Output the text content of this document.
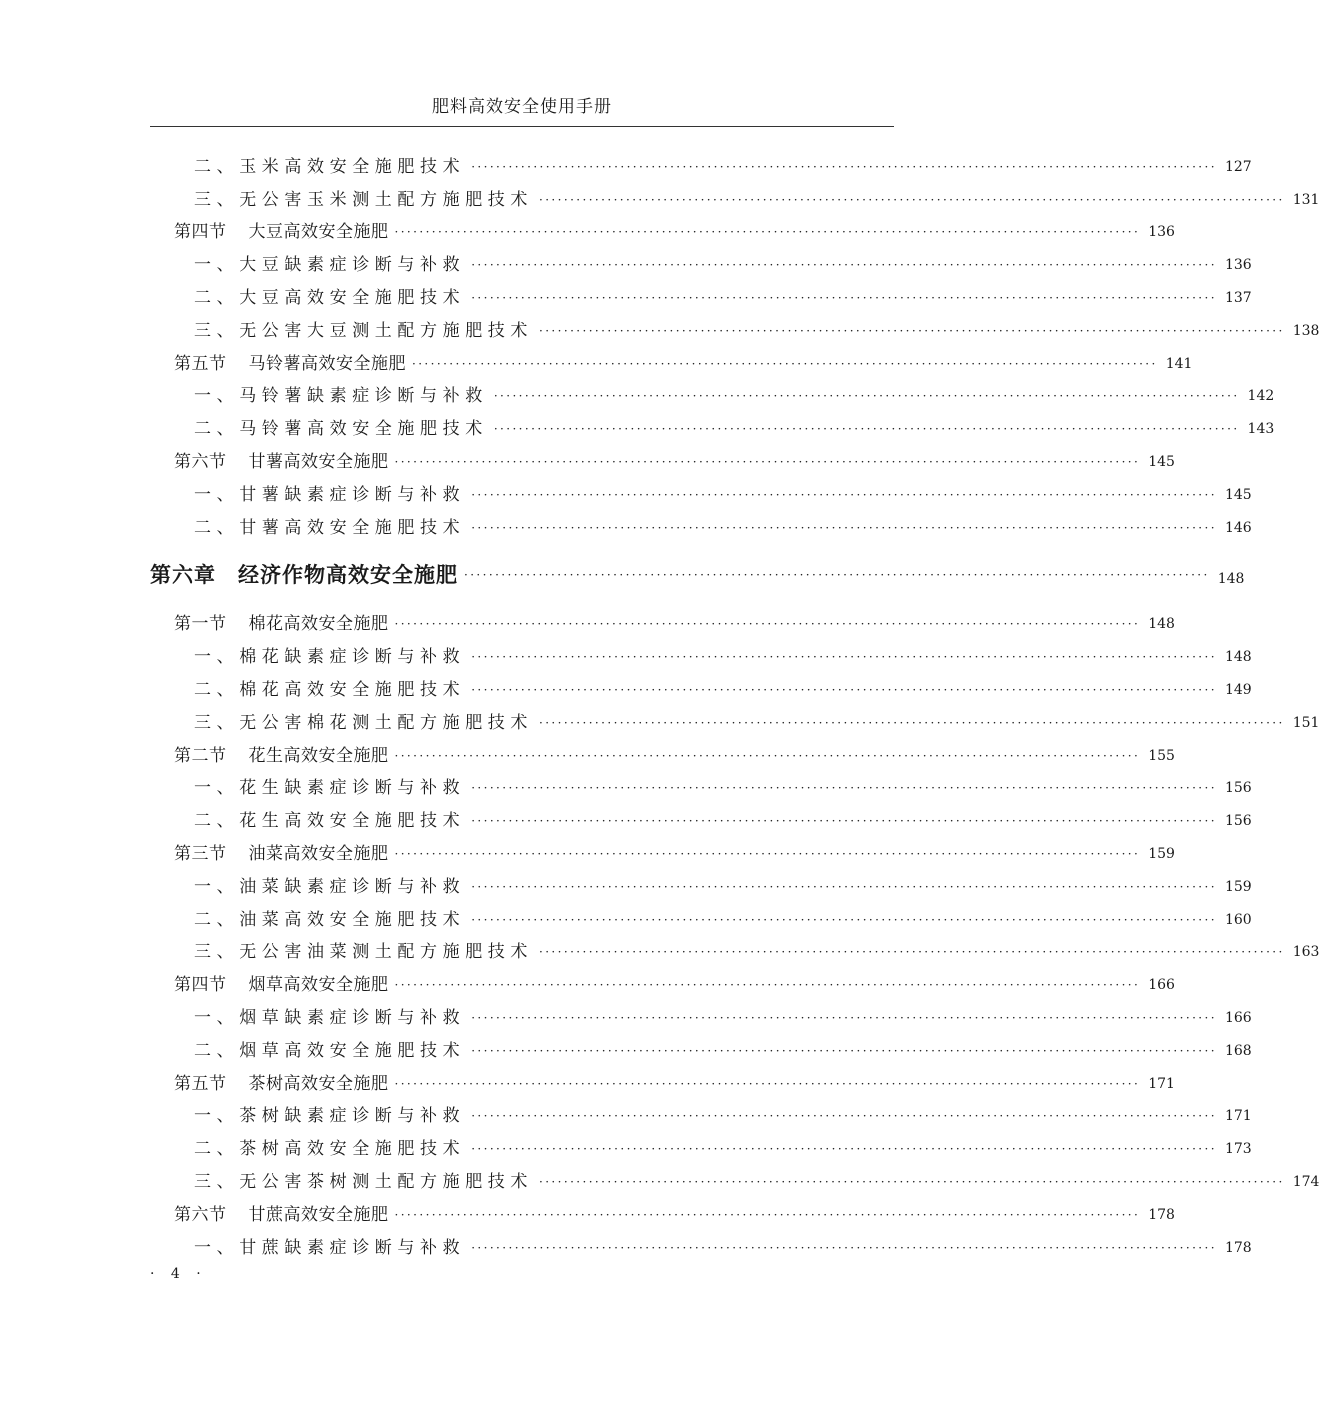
肥料高效安全使用手册
二、玉米高效安全施肥技术 ························································································································ 127
三、无公害玉米测土配方施肥技术 ························································································································ 131
第四节 大豆高效安全施肥 ························································································································ 136
一、大豆缺素症诊断与补救 ························································································································ 136
二、大豆高效安全施肥技术 ························································································································ 137
三、无公害大豆测土配方施肥技术 ························································································································ 138
第五节 马铃薯高效安全施肥 ························································································································ 141
一、马铃薯缺素症诊断与补救 ························································································································ 142
二、马铃薯高效安全施肥技术 ························································································································ 143
第六节 甘薯高效安全施肥 ························································································································ 145
一、甘薯缺素症诊断与补救 ························································································································ 145
二、甘薯高效安全施肥技术 ························································································································ 146
第六章 经济作物高效安全施肥 ························································································································ 148
第一节 棉花高效安全施肥 ························································································································ 148
一、棉花缺素症诊断与补救 ························································································································ 148
二、棉花高效安全施肥技术 ························································································································ 149
三、无公害棉花测土配方施肥技术 ························································································································ 151
第二节 花生高效安全施肥 ························································································································ 155
一、花生缺素症诊断与补救 ························································································································ 156
二、花生高效安全施肥技术 ························································································································ 156
第三节 油菜高效安全施肥 ························································································································ 159
一、油菜缺素症诊断与补救 ························································································································ 159
二、油菜高效安全施肥技术 ························································································································ 160
三、无公害油菜测土配方施肥技术 ························································································································ 163
第四节 烟草高效安全施肥 ························································································································ 166
一、烟草缺素症诊断与补救 ························································································································ 166
二、烟草高效安全施肥技术 ························································································································ 168
第五节 茶树高效安全施肥 ························································································································ 171
一、茶树缺素症诊断与补救 ························································································································ 171
二、茶树高效安全施肥技术 ························································································································ 173
三、无公害茶树测土配方施肥技术 ························································································································ 174
第六节 甘蔗高效安全施肥 ························································································································ 178
一、甘蔗缺素症诊断与补救 ························································································································ 178
· 4 ·
